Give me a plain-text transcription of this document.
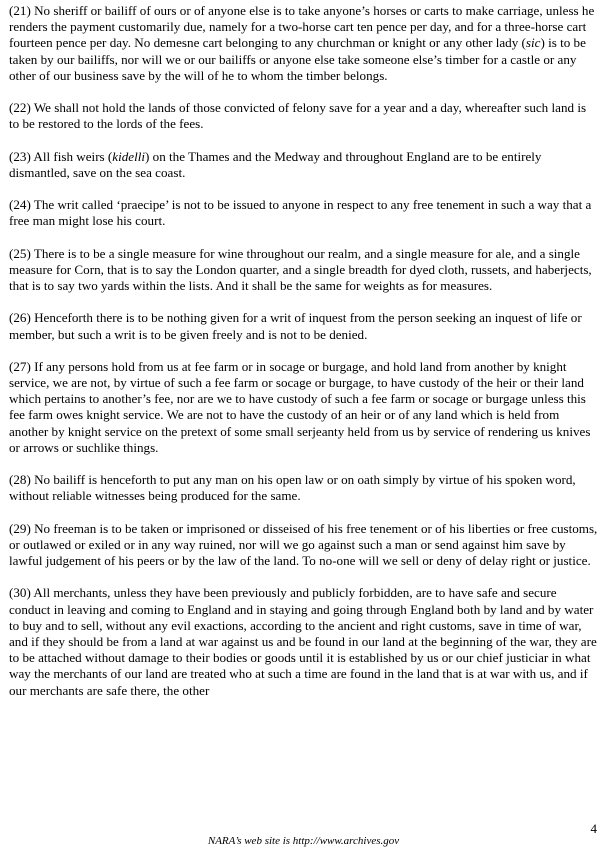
(21) No sheriff or bailiff of ours or of anyone else is to take anyone’s horses or carts to make carriage, unless he renders the payment customarily due, namely for a two-horse cart ten pence per day, and for a three-horse cart fourteen pence per day. No demesne cart belonging to any churchman or knight or any other lady (sic) is to be taken by our bailiffs, nor will we or our bailiffs or anyone else take someone else’s timber for a castle or any other of our business save by the will of he to whom the timber belongs.

(22) We shall not hold the lands of those convicted of felony save for a year and a day, whereafter such land is to be restored to the lords of the fees.

(23) All fish weirs (kidelli) on the Thames and the Medway and throughout England are to be entirely dismantled, save on the sea coast.

(24) The writ called ‘praecipe’ is not to be issued to anyone in respect to any free tenement in such a way that a free man might lose his court.

(25) There is to be a single measure for wine throughout our realm, and a single measure for ale, and a single measure for Corn, that is to say the London quarter, and a single breadth for dyed cloth, russets, and haberjects, that is to say two yards within the lists. And it shall be the same for weights as for measures.

(26) Henceforth there is to be nothing given for a writ of inquest from the person seeking an inquest of life or member, but such a writ is to be given freely and is not to be denied.

(27) If any persons hold from us at fee farm or in socage or burgage, and hold land from another by knight service, we are not, by virtue of such a fee farm or socage or burgage, to have custody of the heir or their land which pertains to another’s fee, nor are we to have custody of such a fee farm or socage or burgage unless this fee farm owes knight service. We are not to have the custody of an heir or of any land which is held from another by knight service on the pretext of some small serjeanty held from us by service of rendering us knives or arrows or suchlike things.

(28) No bailiff is henceforth to put any man on his open law or on oath simply by virtue of his spoken word, without reliable witnesses being produced for the same.

(29) No freeman is to be taken or imprisoned or disseised of his free tenement or of his liberties or free customs, or outlawed or exiled or in any way ruined, nor will we go against such a man or send against him save by lawful judgement of his peers or by the law of the land. To no-one will we sell or deny of delay right or justice.

(30) All merchants, unless they have been previously and publicly forbidden, are to have safe and secure conduct in leaving and coming to England and in staying and going through England both by land and by water to buy and to sell, without any evil exactions, according to the ancient and right customs, save in time of war, and if they should be from a land at war against us and be found in our land at the beginning of the war, they are to be attached without damage to their bodies or goods until it is established by us or our chief justiciar in what way the merchants of our land are treated who at such a time are found in the land that is at war with us, and if our merchants are safe there, the other

4
NARA’s web site is http://www.archives.gov
